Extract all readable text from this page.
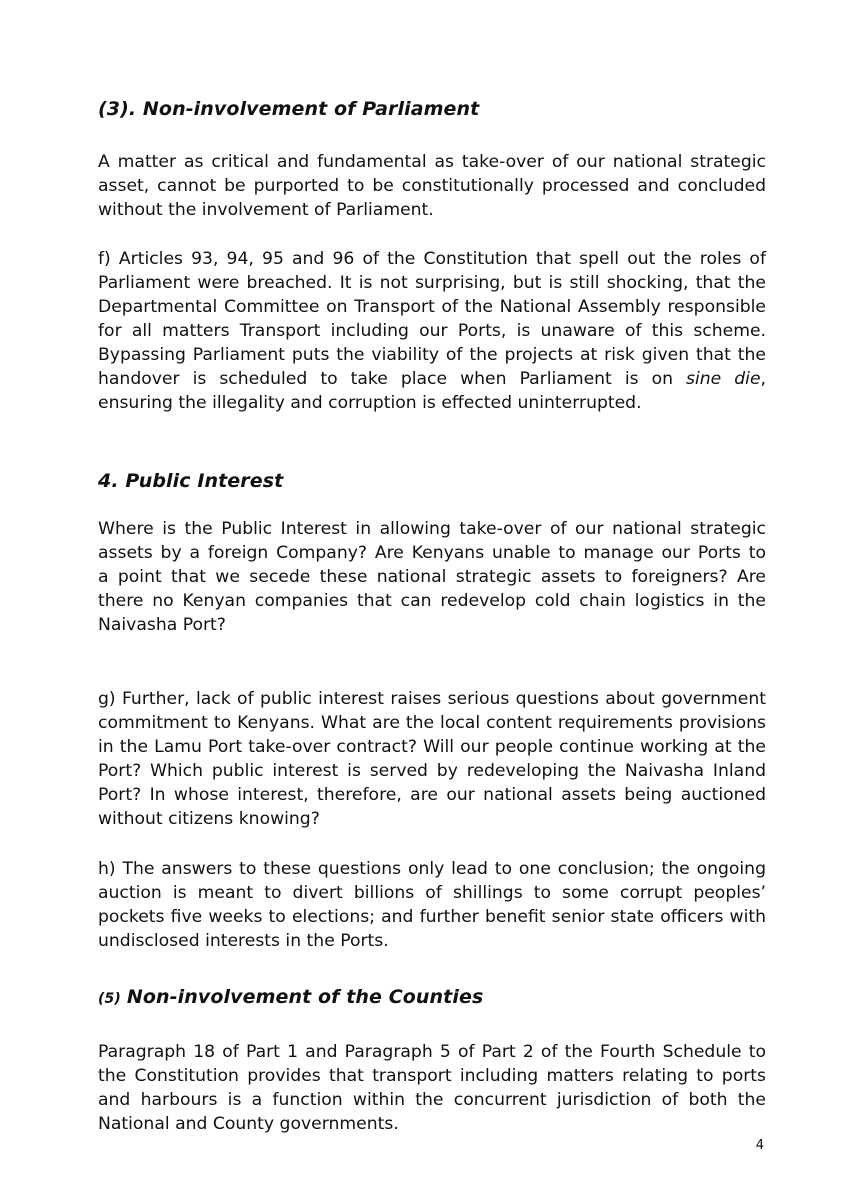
(3). Non-involvement of Parliament
A matter as critical and fundamental as take-over of our national strategic
asset, cannot be purported to be constitutionally processed and concluded
without the involvement of Parliament.
f) Articles 93, 94, 95 and 96 of the Constitution that spell out the roles of
Parliament were breached. It is not surprising, but is still shocking, that the
Departmental Committee on Transport of the National Assembly responsible
for all matters Transport including our Ports, is unaware of this scheme.
Bypassing Parliament puts the viability of the projects at risk given that the
handover is scheduled to take place when Parliament is on sine die,
ensuring the illegality and corruption is effected uninterrupted.
4. Public Interest
Where is the Public Interest in allowing take-over of our national strategic
assets by a foreign Company? Are Kenyans unable to manage our Ports to
a point that we secede these national strategic assets to foreigners? Are
there no Kenyan companies that can redevelop cold chain logistics in the
Naivasha Port?
g) Further, lack of public interest raises serious questions about government
commitment to Kenyans. What are the local content requirements provisions
in the Lamu Port take-over contract? Will our people continue working at the
Port? Which public interest is served by redeveloping the Naivasha Inland
Port? In whose interest, therefore, are our national assets being auctioned
without citizens knowing?
h) The answers to these questions only lead to one conclusion; the ongoing
auction is meant to divert billions of shillings to some corrupt peoples’
pockets five weeks to elections; and further benefit senior state officers with
undisclosed interests in the Ports.
(5) Non-involvement of the Counties
Paragraph 18 of Part 1 and Paragraph 5 of Part 2 of the Fourth Schedule to
the Constitution provides that transport including matters relating to ports
and harbours is a function within the concurrent jurisdiction of both the
National and County governments.
4
